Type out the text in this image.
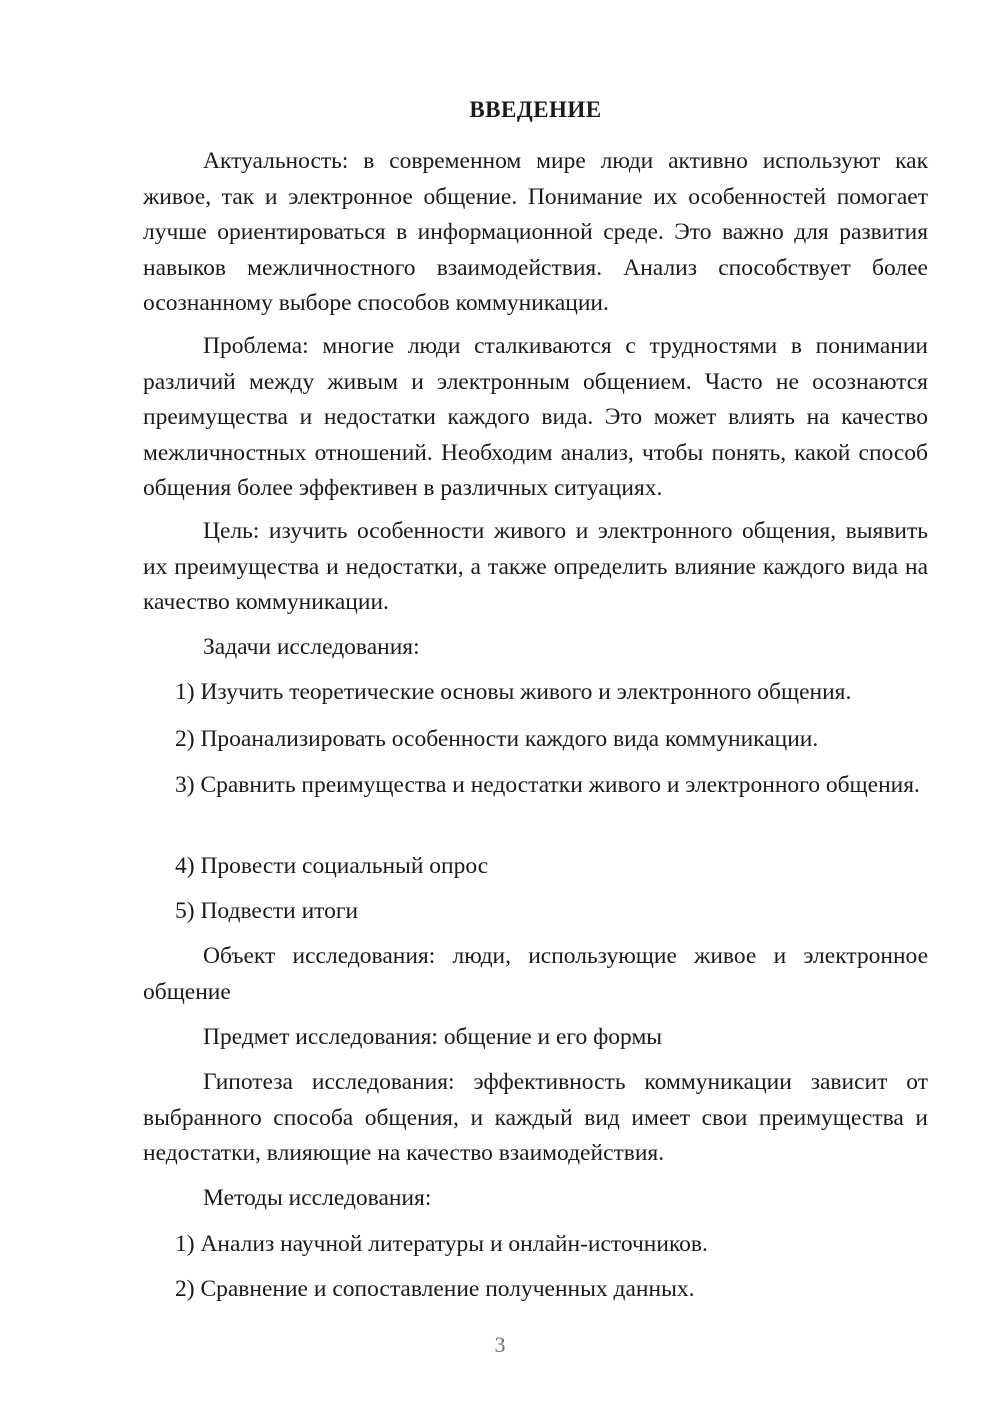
ВВЕДЕНИЕ

Актуальность: в современном мире люди активно используют как живое, так и электронное общение. Понимание их особенностей помогает лучше ориентироваться в информационной среде. Это важно для развития навыков межличностного взаимодействия. Анализ способствует более осознанному выборе способов коммуникации.

Проблема: многие люди сталкиваются с трудностями в понимании различий между живым и электронным общением. Часто не осознаются преимущества и недостатки каждого вида. Это может влиять на качество межличностных отношений. Необходим анализ, чтобы понять, какой способ общения более эффективен в различных ситуациях.

Цель: изучить особенности живого и электронного общения, выявить их преимущества и недостатки, а также определить влияние каждого вида на качество коммуникации.

Задачи исследования:

1) Изучить теоретические основы живого и электронного общения.

2) Проанализировать особенности каждого вида коммуникации.

3) Сравнить преимущества и недостатки живого и электронного общения.

4) Провести социальный опрос

5) Подвести итоги

Объект исследования: люди, использующие живое и электронное общение

Предмет исследования: общение и его формы

Гипотеза исследования: эффективность коммуникации зависит от выбранного способа общения, и каждый вид имеет свои преимущества и недостатки, влияющие на качество взаимодействия.

Методы исследования:

1) Анализ научной литературы и онлайн-источников.

2) Сравнение и сопоставление полученных данных.

3
